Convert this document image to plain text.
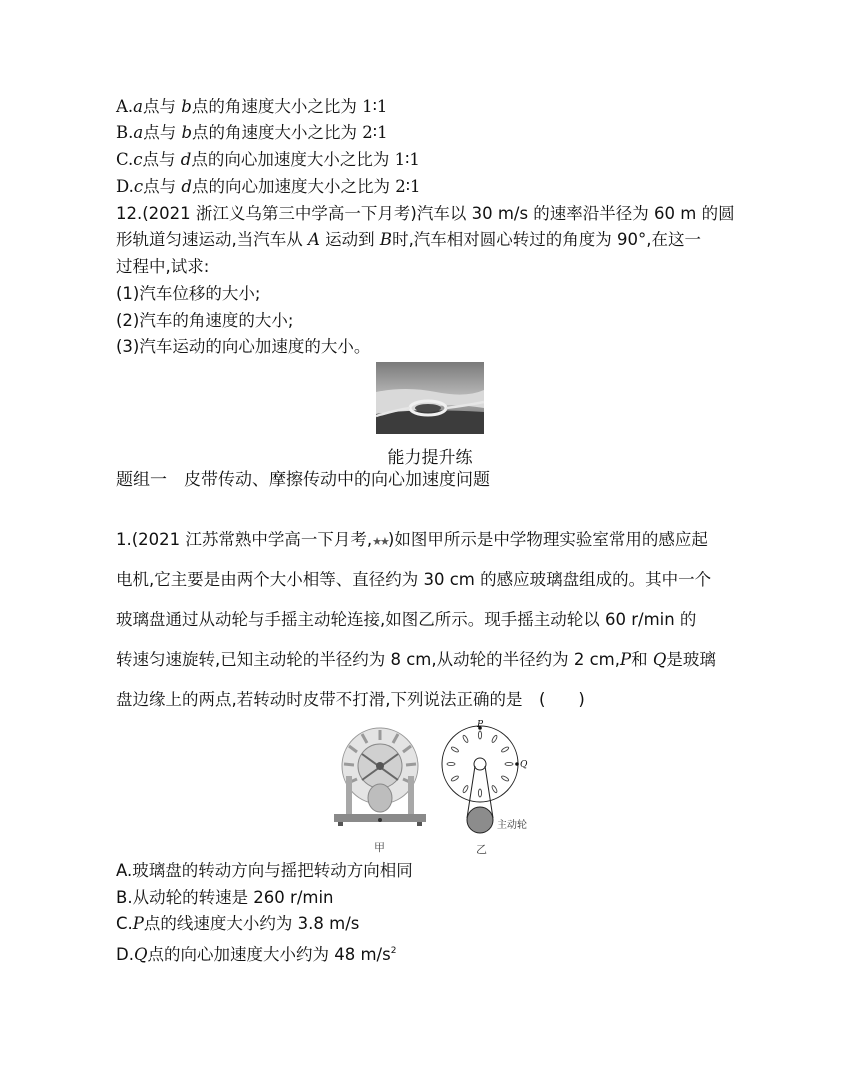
A.a点与 b点的角速度大小之比为 1∶1
B.a点与 b点的角速度大小之比为 2∶1
C.c点与 d点的向心加速度大小之比为 1∶1
D.c点与 d点的向心加速度大小之比为 2∶1
12.(2021 浙江义乌第三中学高一下月考)汽车以 30 m/s 的速率沿半径为 60 m 的圆
形轨道匀速运动,当汽车从 A 运动到 B时,汽车相对圆心转过的角度为 90°,在这一
过程中,试求:
(1)汽车位移的大小;
(2)汽车的角速度的大小;
(3)汽车运动的向心加速度的大小。
能力提升练
题组一　皮带传动、摩擦传动中的向心加速度问题
1.(2021 江苏常熟中学高一下月考,★★)如图甲所示是中学物理实验室常用的感应起
电机,它主要是由两个大小相等、直径约为 30 cm 的感应玻璃盘组成的。其中一个
玻璃盘通过从动轮与手摇主动轮连接,如图乙所示。现手摇主动轮以 60 r/min 的
转速匀速旋转,已知主动轮的半径约为 8 cm,从动轮的半径约为 2 cm,P和 Q是玻璃
盘边缘上的两点,若转动时皮带不打滑,下列说法正确的是　(　　)
甲
P
Q
主动轮
乙
A.玻璃盘的转动方向与摇把转动方向相同
B.从动轮的转速是 260 r/min
C.P点的线速度大小约为 3.8 m/s
D.Q点的向心加速度大小约为 48 $m/s^2$
